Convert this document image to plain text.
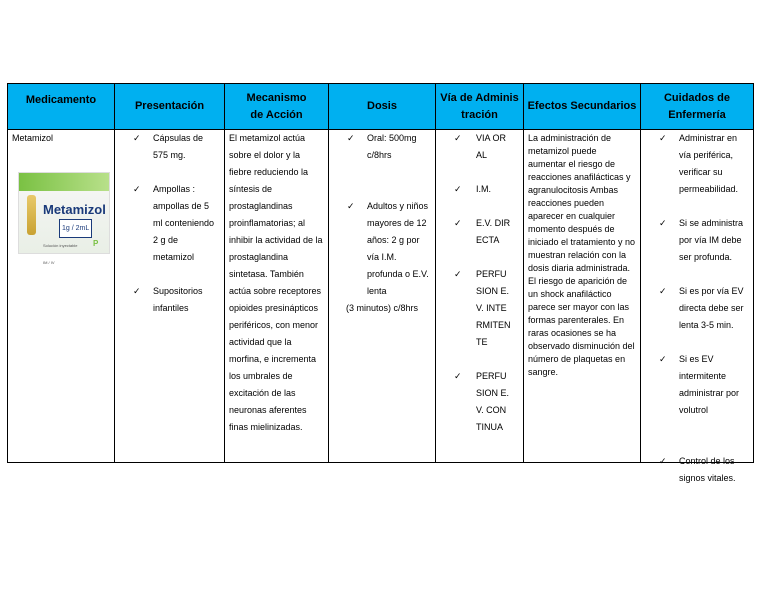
Medicamento	Presentación
Mecanismo de Acción
Dosis
Vía de Administración
Efectos Secundarios
Cuidados de Enfermería
Metamizol
Metamizol
1g / 2mL
Solución inyectable IM / IV
P
✓ Cápsulas de 575 mg.
✓ Ampollas : ampollas de 5 ml conteniendo 2 g de metamizol
✓ Supositorios infantiles

El metamizol actúa sobre el dolor y la fiebre reduciendo la síntesis de prostaglandinas proinflamatorias; al inhibir la actividad de la prostaglandina sintetasa. También actúa sobre receptores opioides presinápticos periféricos, con menor actividad que la morfina, e incrementa los umbrales de excitación de las neuronas aferentes finas mielinizadas.

✓ Oral: 500mg c/8hrs
✓ Adultos y niños mayores de 12 años: 2 g por vía I.M. profunda o E.V. lenta
(3 minutos) c/8hrs
✓ VIA ORAL
✓ I.M.
✓ E.V. DIRECTA
✓ PERFUSION E.V. INTERMITENTE
✓ PERFUSION E.V. CONTINUA

La administración de metamizol puede aumentar el riesgo de reacciones anafilácticas y agranulocitosis Ambas reacciones pueden aparecer en cualquier momento después de iniciado el tratamiento y no muestran relación con la dosis diaria administrada. El riesgo de aparición de un shock anafiláctico parece ser mayor con las formas parenterales. En raras ocasiones se ha observado disminución del número de plaquetas en sangre.

✓ Administrar en vía periférica, verificar su permeabilidad.
✓ Si se administra por vía IM debe ser profunda.
✓ Si es por vía EV directa debe ser lenta 3-5 min.
✓ Si es EV intermitente administrar por volutrol
✓ Control de los signos vitales.
